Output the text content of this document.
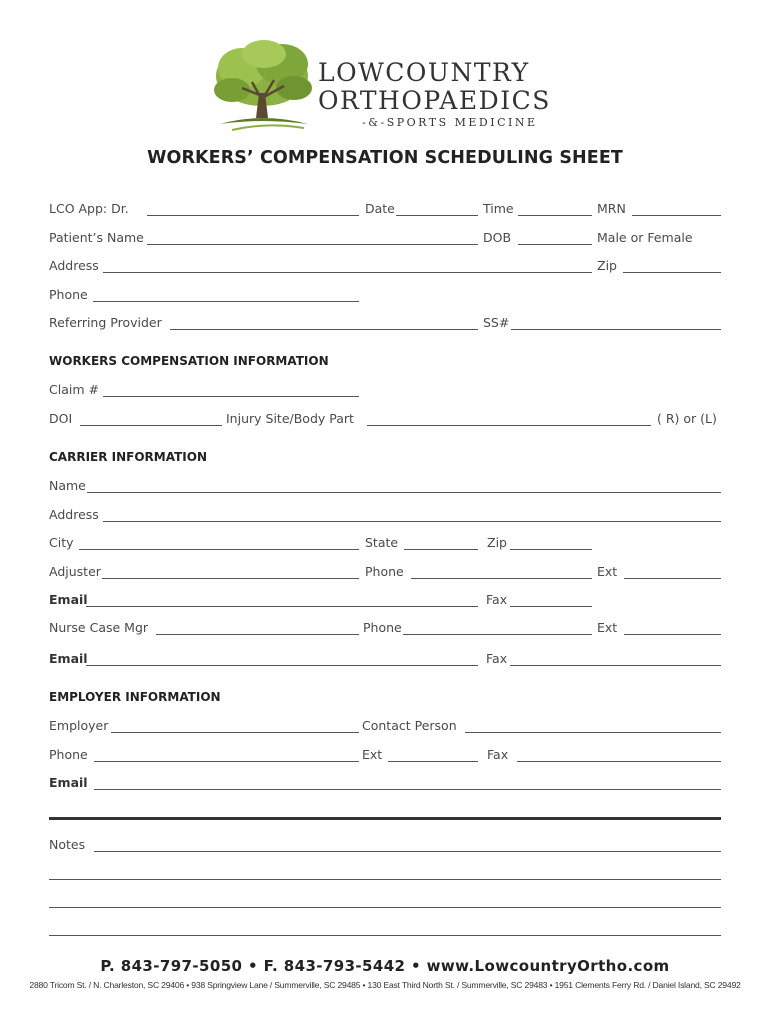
LOWCOUNTRY
ORTHOPAEDICS
-&-SPORTS MEDICINE
WORKERS’ COMPENSATION SCHEDULING SHEET
LCO App: Dr.	Date	Time	MRN
Patient’s Name	DOB	Male or Female
Address	Zip
Phone
Referring Provider	SS#
WORKERS COMPENSATION INFORMATION
Claim #
DOI	Injury Site/Body Part	( R) or (L)
CARRIER INFORMATION
Name
Address
City	State	Zip
Adjuster	Phone	Ext
Email	Fax
Nurse Case Mgr	Phone	Ext
Email	Fax
EMPLOYER INFORMATION
Employer	Contact Person
Phone	Ext	Fax
Email
Notes
P. 843-797-5050 • F. 843-793-5442 • www.LowcountryOrtho.com
2880 Tricom St. / N. Charleston, SC 29406 • 938 Springview Lane / Summerville, SC 29485 • 130 East Third North St. / Summerville, SC 29483 • 1951 Clements Ferry Rd. / Daniel Island, SC 29492
